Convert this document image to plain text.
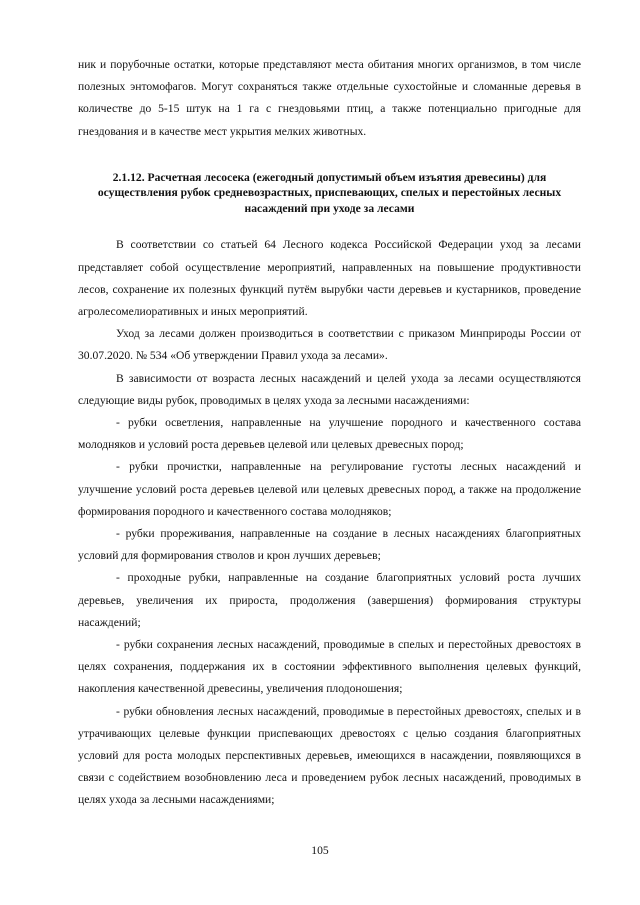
ник и порубочные остатки, которые представляют места обитания многих организмов, в том числе полезных энтомофагов. Могут сохраняться также отдельные сухостойные и сломанные деревья в количестве до 5-15 штук на 1 га с гнездовьями птиц, а также потенциально пригодные для гнездования и в качестве мест укрытия мелких животных.

2.1.12. Расчетная лесосека (ежегодный допустимый объем изъятия древесины) для осуществления рубок средневозрастных, приспевающих, спелых и перестойных лесных насаждений при уходе за лесами

В соответствии со статьей 64 Лесного кодекса Российской Федерации уход за лесами представляет собой осуществление мероприятий, направленных на повышение продуктивности лесов, сохранение их полезных функций путём вырубки части деревьев и кустарников, проведение агролесомелиоративных и иных мероприятий.

Уход за лесами должен производиться в соответствии с приказом Минприроды России от 30.07.2020. № 534 «Об утверждении Правил ухода за лесами».

В зависимости от возраста лесных насаждений и целей ухода за лесами осуществляются следующие виды рубок, проводимых в целях ухода за лесными насаждениями:

- рубки осветления, направленные на улучшение породного и качественного состава молодняков и условий роста деревьев целевой или целевых древесных пород;

- рубки прочистки, направленные на регулирование густоты лесных насаждений и улучшение условий роста деревьев целевой или целевых древесных пород, а также на продолжение формирования породного и качественного состава молодняков;

- рубки прореживания, направленные на создание в лесных насаждениях благоприятных условий для формирования стволов и крон лучших деревьев;

- проходные рубки, направленные на создание благоприятных условий роста лучших деревьев, увеличения их прироста, продолжения (завершения) формирования структуры насаждений;

- рубки сохранения лесных насаждений, проводимые в спелых и перестойных древостоях в целях сохранения, поддержания их в состоянии эффективного выполнения целевых функций, накопления качественной древесины, увеличения плодоношения;

- рубки обновления лесных насаждений, проводимые в перестойных древостоях, спелых и в утрачивающих целевые функции приспевающих древостоях с целью создания благоприятных условий для роста молодых перспективных деревьев, имеющихся в насаждении, появляющихся в связи с содействием возобновлению леса и проведением рубок лесных насаждений, проводимых в целях ухода за лесными насаждениями;

105
